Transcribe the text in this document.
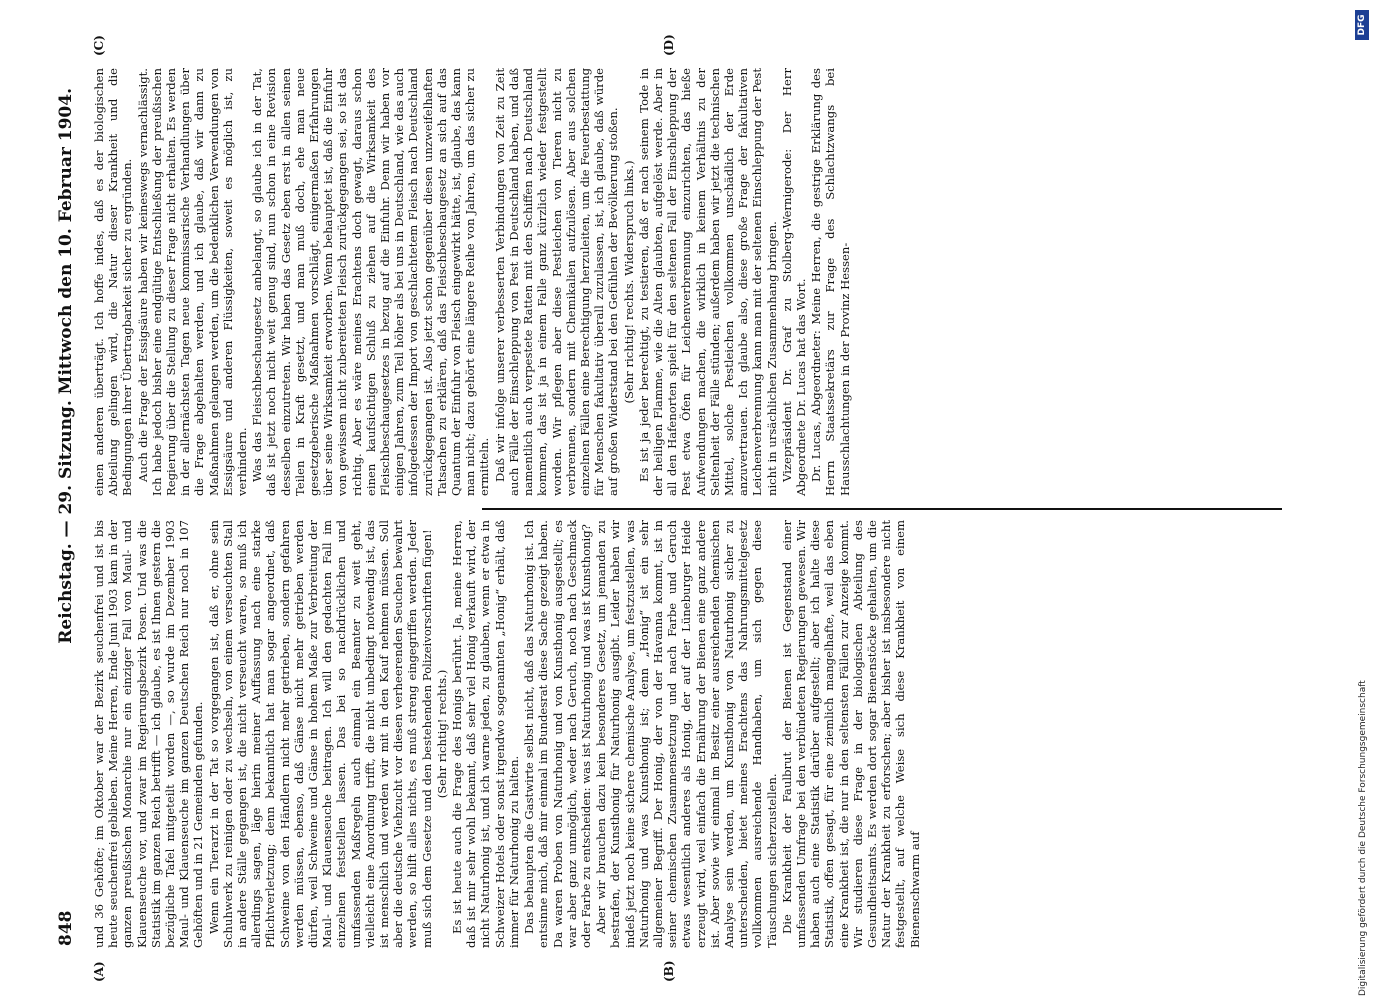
848
Reichstag. — 29. Sitzung. Mittwoch den 10. Februar 1904.
(A)	(B)
(C)	(D)

und 36 Gehöfte; im Oktober war der Bezirk seuchenfrei und ist bis heute seuchenfrei geblieben. Meine Herren, Ende Juni 1903 kam in der ganzen preußischen Monarchie nur ein einziger Fall von Maul- und Klauenseuche vor, und zwar im Regierungsbezirk Posen. Und was die Statistik im ganzen Reich betrifft — ich glaube, es ist Ihnen gestern die bezügliche Tafel mitgeteilt worden —, so wurde im Dezember 1903 Maul- und Klauenseuche im ganzen Deutschen Reich nur noch in 107 Gehöften und in 21 Gemeinden gefunden. Wenn ein Tierarzt in der Tat so vorgegangen ist, daß er, ohne sein Schuhwerk zu reinigen oder zu wechseln, von einem verseuchten Stall in andere Ställe gegangen ist, die nicht verseucht waren, so muß ich allerdings sagen, läge hierin meiner Auffassung nach eine starke Pflichtverletzung; denn bekanntlich hat man sogar angeordnet, daß Schweine von den Händlern nicht mehr getrieben, sondern gefahren werden müssen, ebenso, daß Gänse nicht mehr getrieben werden dürfen, weil Schweine und Gänse in hohem Maße zur Verbreitung der Maul- und Klauenseuche beitragen. Ich will den gedachten Fall im einzelnen feststellen lassen. Das bei so nachdrücklichen und umfassenden Maßregeln auch einmal ein Beamter zu weit geht, vielleicht eine Anordnung trifft, die nicht unbedingt notwendig ist, das ist menschlich und werden wir mit in den Kauf nehmen müssen. Soll aber die deutsche Viehzucht vor diesen verheerenden Seuchen bewahrt werden, so hilft alles nichts, es muß streng eingegriffen werden. Jeder muß sich dem Gesetze und den bestehenden Polizeivorschriften fügen! (Sehr richtig! rechts.) Es ist heute auch die Frage des Honigs berührt. Ja, meine Herren, daß ist mir sehr wohl bekannt, daß sehr viel Honig verkauft wird, der nicht Naturhonig ist, und ich warne jeden, zu glauben, wenn er etwa in Schweizer Hotels oder sonst irgendwo sogenannten „Honig“ erhält, daß immer für Naturhonig zu halten. Das behaupten die Gastwirte selbst nicht, daß das Naturhonig ist. Ich entsinne mich, daß mir einmal im Bundesrat diese Sache gezeigt haben. Da waren Proben von Naturhonig und von Kunsthonig ausgestellt; es war aber ganz unmöglich, weder nach Geruch, noch nach Geschmack oder Farbe zu entscheiden: was ist Naturhonig und was ist Kunsthonig? Aber wir brauchen dazu kein besonderes Gesetz, um jemanden zu bestrafen, der Kunsthonig für Naturhonig ausgibt. Leider haben wir indeß jetzt noch keine sichere chemische Analyse, um festzustellen, was Naturhonig und was Kunsthonig ist; denn „Honig“ ist ein sehr allgemeiner Begriff. Der Honig, der von der Havanna kommt, ist in seiner chemischen Zusammensetzung und nach Farbe und Geruch etwas wesentlich anderes als Honig, der auf der Lüneburger Heide erzeugt wird, weil einfach die Ernährung der Bienen eine ganz andere ist. Aber sowie wir einmal im Besitz einer ausreichenden chemischen Analyse sein werden, um Kunsthonig von Naturhonig sicher zu unterscheiden, bietet meines Erachtens das Nahrungsmittelgesetz vollkommen ausreichende Handhaben, um sich gegen diese Täuschungen sicherzustellen. Die Krankheit der Faulbrut der Bienen ist Gegenstand einer umfassenden Umfrage bei den verbündeten Regierungen gewesen. Wir haben auch eine Statistik darüber aufgestellt; aber ich halte diese Statistik, offen gesagt, für eine ziemlich mangelhafte, weil das eben eine Krankheit ist, die nur in den seltensten Fällen zur Anzeige kommt. Wir studieren diese Frage in der biologischen Abteilung des Gesundheitsamts. Es werden dort sogar Bienenstöcke gehalten, um die Natur der Krankheit zu erforschen; aber bisher ist insbesondere nicht festgestellt, auf welche Weise sich diese Krankheit von einem Bienenschwarm auf

einen anderen überträgt. Ich hoffe indes, daß es der biologischen Abteilung gelingen wird, die Natur dieser Krankheit und die Bedingungen ihrer Übertragbarkeit sicher zu ergründen. Auch die Frage der Essigsäure haben wir keineswegs vernachlässigt. Ich habe jedoch bisher eine endgültige Entschließung der preußischen Regierung über die Stellung zu dieser Frage nicht erhalten. Es werden in der allernächsten Tagen neue kommissarische Verhandlungen über die Frage abgehalten werden, und ich glaube, daß wir dann zu Maßnahmen gelangen werden, um die bedenklichen Verwendungen von Essigsäure und anderen Flüssigkeiten, soweit es möglich ist, zu verhindern. Was das Fleischbeschaugesetz anbelangt, so glaube ich in der Tat, daß ist jetzt noch nicht weit genug sind, nun schon in eine Revision desselben einzutreten. Wir haben das Gesetz eben erst in allen seinen Teilen in Kraft gesetzt, und man muß doch, ehe man neue gesetzgeberische Maßnahmen vorschlägt, einigermaßen Erfahrungen über seine Wirksamkeit erworben. Wenn behauptet ist, daß die Einfuhr von gewissem nicht zubereiteten Fleisch zurückgegangen sei, so ist das richtig. Aber es wäre meines Erachtens doch gewagt, daraus schon einen kaufsichtigen Schluß zu ziehen auf die Wirksamkeit des Fleischbeschaugesetzes in bezug auf die Einfuhr. Denn wir haben vor einigen Jahren, zum Teil höher als bei uns in Deutschland, wie das auch infolgedessen der Import von geschlachtetem Fleisch nach Deutschland zurückgegangen ist. Also jetzt schon gegenüber diesen unzweifelhaften Tatsachen zu erklären, daß das Fleischbeschaugesetz an sich auf das Quantum der Einfuhr von Fleisch eingewirkt hätte, ist, glaube, das kann man nicht; dazu gehört eine längere Reihe von Jahren, um das sicher zu ermitteln. Daß wir infolge unserer verbesserten Verbindungen von Zeit zu Zeit auch Fälle der Einschleppung von Pest in Deutschland haben, und daß namentlich auch verpestete Ratten mit den Schiffen nach Deutschland kommen, das ist ja in einem Falle ganz kürzlich wieder festgestellt worden. Wir pflegen aber diese Pestleichen von Tieren nicht zu verbrennen, sondern mit Chemikalien aufzulösen. Aber aus solchen einzelnen Fällen eine Berechtigung herzuleiten, um die Feuerbestattung für Menschen fakultativ überall zuzulassen, ist, ich glaube, daß würde auf großen Widerstand bei den Gefühlen der Bevölkerung stoßen. (Sehr richtig! rechts. Widerspruch links.) Es ist ja jeder berechtigt, zu testieren, daß er nach seinem Tode in der heiligen Flamme, wie die Alten glaubten, aufgelöst werde. Aber in all den Hafenorten spielt für den seltenen Fall der Einschleppung der Pest etwa Öfen für Leichenverbrennung einzurichten, das hieße Aufwendungen machen, die wirklich in keinem Verhältnis zu der Seltenheit der Fälle stünden; außerdem haben wir jetzt die technischen Mittel, solche Pestleichen vollkommen unschädlich der Erde anzuvertrauen. Ich glaube also, diese große Frage der fakultativen Leichenverbrennung kann man mit der seltenen Einschleppung der Pest nicht in ursächlichen Zusammenhang bringen. Vizepräsident Dr. Graf zu Stolberg-Wernigerode: Der Herr Abgeordnete Dr. Lucas hat das Wort. Dr. Lucas, Abgeordneter: Meine Herren, die gestrige Erklärung des Herrn Staatssekretärs zur Frage des Schlachtzwangs bei Hausschlachtungen in der Provinz Hessen-

Digitalisierung gefördert durch die Deutsche Forschungsgemeinschaft
DFG
